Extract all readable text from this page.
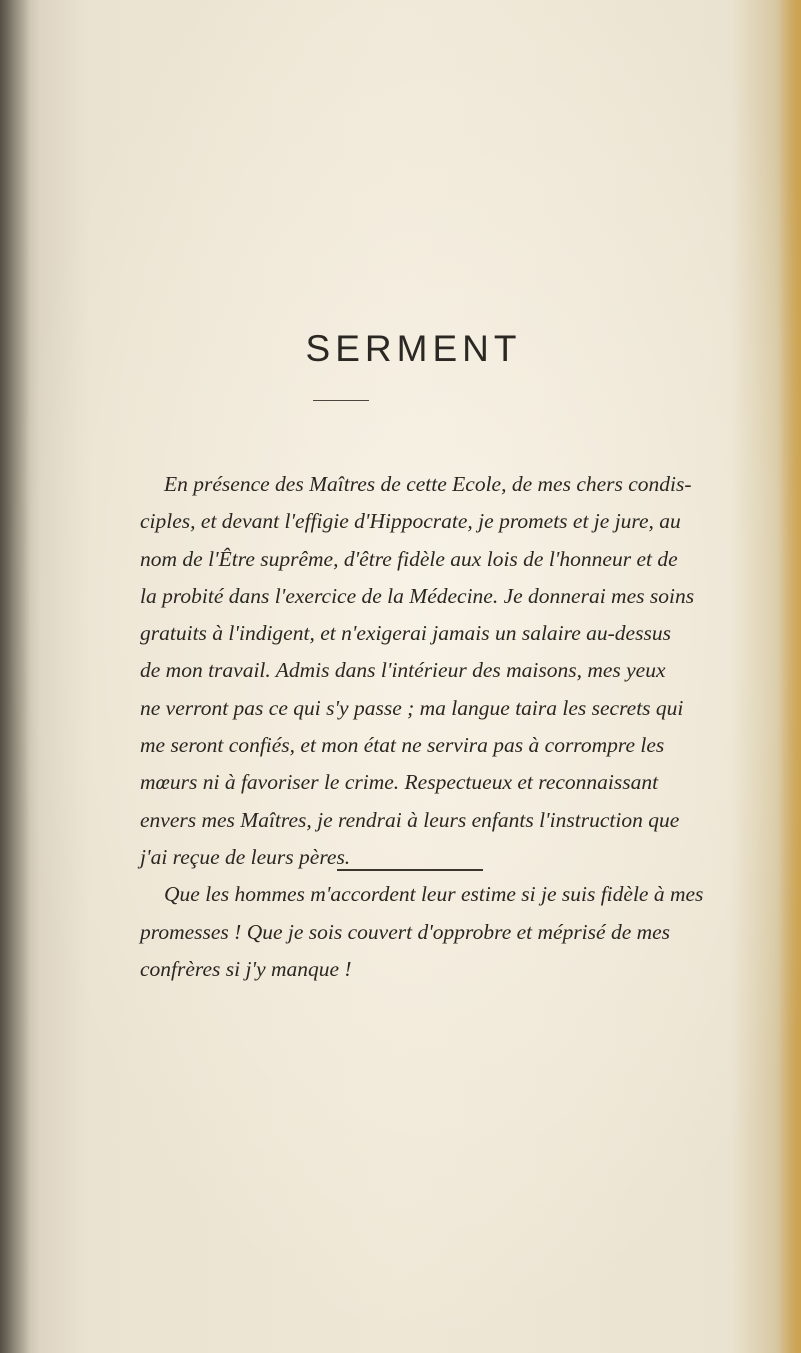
SERMENT

En présence des Maîtres de cette Ecole, de mes chers condis-
ciples, et devant l'effigie d'Hippocrate, je promets et je jure, au
nom de l'Être suprême, d'être fidèle aux lois de l'honneur et de
la probité dans l'exercice de la Médecine. Je donnerai mes soins
gratuits à l'indigent, et n'exigerai jamais un salaire au-dessus
de mon travail. Admis dans l'intérieur des maisons, mes yeux
ne verront pas ce qui s'y passe ; ma langue taira les secrets qui
me seront confiés, et mon état ne servira pas à corrompre les
mœurs ni à favoriser le crime. Respectueux et reconnaissant
envers mes Maîtres, je rendrai à leurs enfants l'instruction que
j'ai reçue de leurs pères.
Que les hommes m'accordent leur estime si je suis fidèle à mes
promesses ! Que je sois couvert d'opprobre et méprisé de mes
confrères si j'y manque !
